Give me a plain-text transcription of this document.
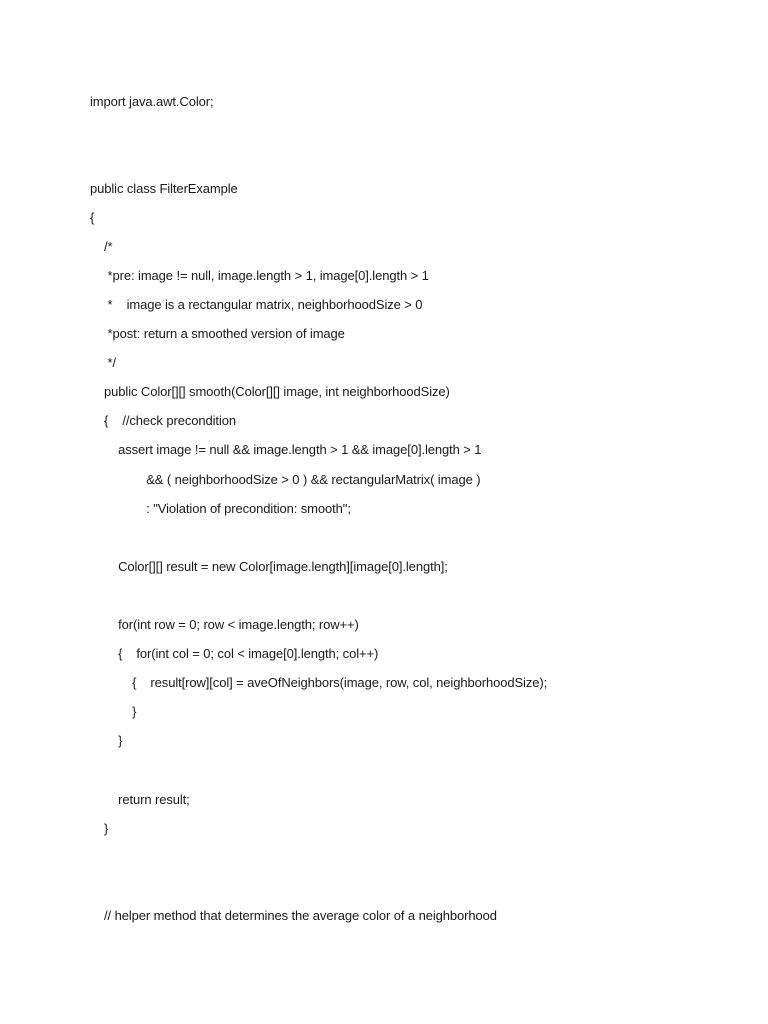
import java.awt.Color;
public class FilterExample
{
/*
*pre: image != null, image.length > 1, image[0].length > 1
*    image is a rectangular matrix, neighborhoodSize > 0
*post: return a smoothed version of image
*/
public Color[][] smooth(Color[][] image, int neighborhoodSize)
{    //check precondition
assert image != null && image.length > 1 && image[0].length > 1
&& ( neighborhoodSize > 0 ) && rectangularMatrix( image )
: "Violation of precondition: smooth";
Color[][] result = new Color[image.length][image[0].length];
for(int row = 0; row < image.length; row++)
{    for(int col = 0; col < image[0].length; col++)
{    result[row][col] = aveOfNeighbors(image, row, col, neighborhoodSize);
}
}
return result;
}
// helper method that determines the average color of a neighborhood
